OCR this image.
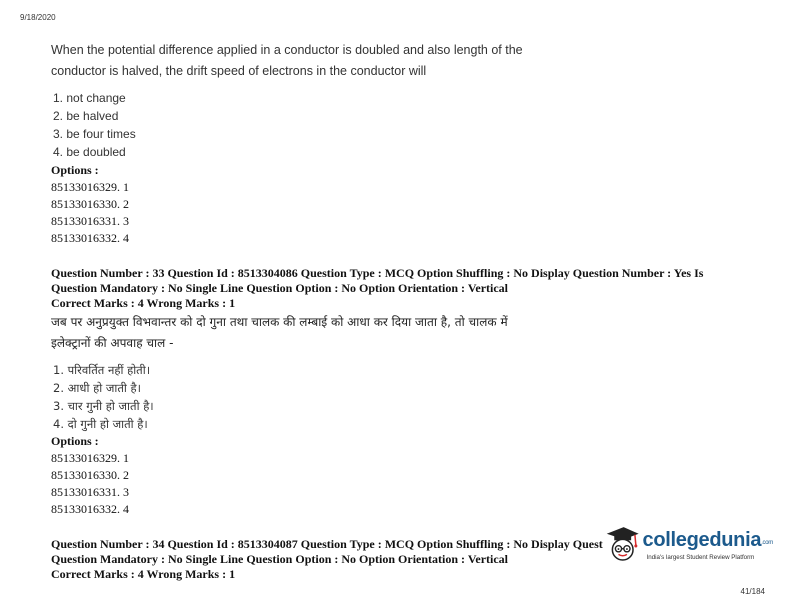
9/18/2020
When the potential difference applied in a conductor is doubled and also length of the
conductor is halved, the drift speed of electrons in the conductor will
1. not change
2. be halved
3. be four times
4. be doubled
Options :
85133016329. 1
85133016330. 2
85133016331. 3
85133016332. 4
Question Number : 33 Question Id : 8513304086 Question Type : MCQ Option Shuffling : No Display Question Number : Yes Is
Question Mandatory : No Single Line Question Option : No Option Orientation : Vertical
Correct Marks : 4 Wrong Marks : 1
जब पर अनुप्रयुक्त विभवान्तर को दो गुना तथा चालक की लम्बाई को आधा कर दिया जाता है, तो चालक में
इलेक्ट्रानों की अपवाह चाल -
1. परिवर्तित नहीं होती।
2. आधी हो जाती है।
3. चार गुनी हो जाती है।
4. दो गुनी हो जाती है।
Options :
85133016329. 1
85133016330. 2
85133016331. 3
85133016332. 4
Question Number : 34 Question Id : 8513304087 Question Type : MCQ Option Shuffling : No Display Quest
Question Mandatory : No Single Line Question Option : No Option Orientation : Vertical
Correct Marks : 4 Wrong Marks : 1
collegedunia.com
India's largest Student Review Platform
41/184
